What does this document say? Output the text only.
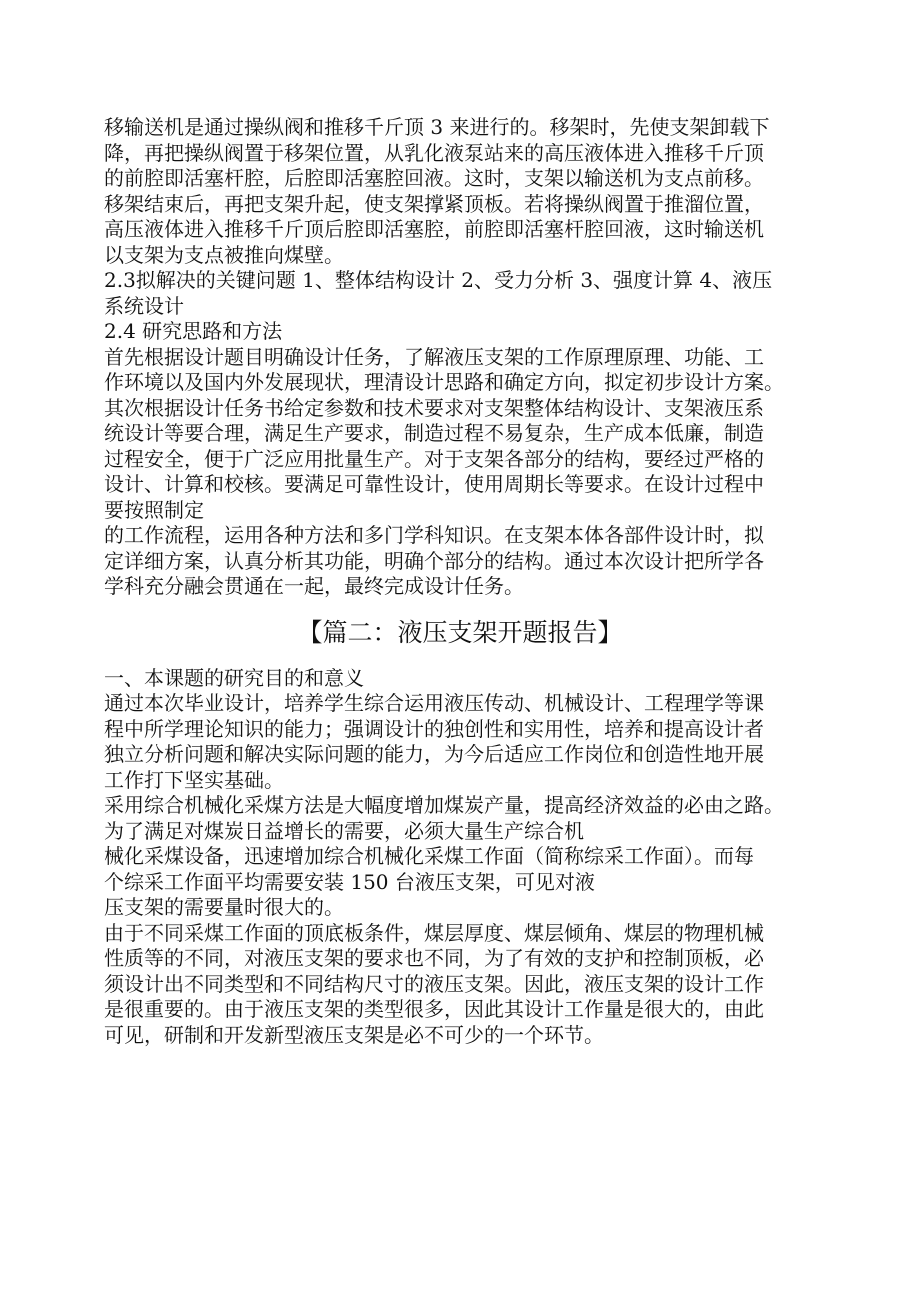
移输送机是通过操纵阀和推移千斤顶 3 来进行的。移架时，先使支架卸载下
降，再把操纵阀置于移架位置，从乳化液泵站来的高压液体进入推移千斤顶
的前腔即活塞杆腔，后腔即活塞腔回液。这时，支架以输送机为支点前移。
移架结束后，再把支架升起，使支架撑紧顶板。若将操纵阀置于推溜位置，
高压液体进入推移千斤顶后腔即活塞腔，前腔即活塞杆腔回液，这时输送机
以支架为支点被推向煤壁。
2.3拟解决的关键问题 1、整体结构设计 2、受力分析 3、强度计算 4、液压
系统设计
2.4 研究思路和方法
首先根据设计题目明确设计任务，了解液压支架的工作原理原理、功能、工
作环境以及国内外发展现状，理清设计思路和确定方向，拟定初步设计方案。
其次根据设计任务书给定参数和技术要求对支架整体结构设计、支架液压系
统设计等要合理，满足生产要求，制造过程不易复杂，生产成本低廉，制造
过程安全，便于广泛应用批量生产。对于支架各部分的结构，要经过严格的
设计、计算和校核。要满足可靠性设计，使用周期长等要求。在设计过程中
要按照制定
的工作流程，运用各种方法和多门学科知识。在支架本体各部件设计时，拟
定详细方案，认真分析其功能，明确个部分的结构。通过本次设计把所学各
学科充分融会贯通在一起，最终完成设计任务。
【篇二：液压支架开题报告】
一、本课题的研究目的和意义
通过本次毕业设计，培养学生综合运用液压传动、机械设计、工程理学等课
程中所学理论知识的能力；强调设计的独创性和实用性，培养和提高设计者
独立分析问题和解决实际问题的能力，为今后适应工作岗位和创造性地开展
工作打下坚实基础。
采用综合机械化采煤方法是大幅度增加煤炭产量，提高经济效益的必由之路。
为了满足对煤炭日益增长的需要，必须大量生产综合机
械化采煤设备，迅速增加综合机械化采煤工作面（简称综采工作面）。而每
个综采工作面平均需要安装 150 台液压支架，可见对液
压支架的需要量时很大的。
由于不同采煤工作面的顶底板条件，煤层厚度、煤层倾角、煤层的物理机械
性质等的不同，对液压支架的要求也不同，为了有效的支护和控制顶板，必
须设计出不同类型和不同结构尺寸的液压支架。因此，液压支架的设计工作
是很重要的。由于液压支架的类型很多，因此其设计工作量是很大的，由此
可见，研制和开发新型液压支架是必不可少的一个环节。
